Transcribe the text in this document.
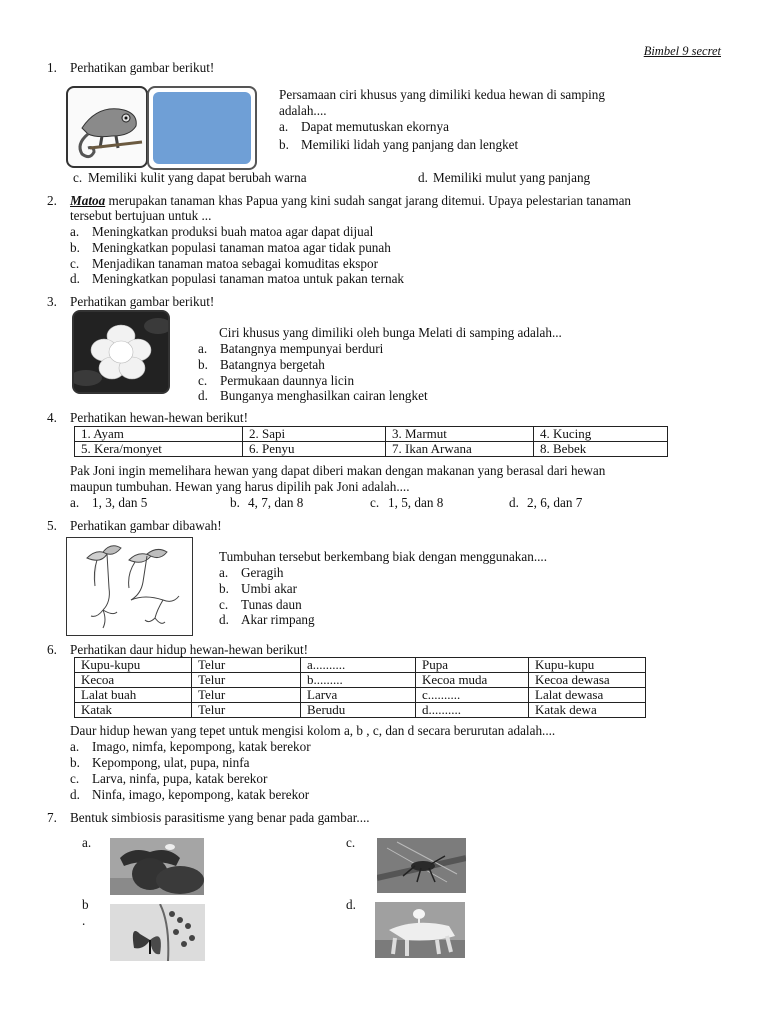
Bimbel 9 secret
1. Perhatikan gambar berikut!
Persamaan ciri khusus yang dimiliki kedua hewan di samping
adalah....
a. Dapat memutuskan ekornya
b. Memiliki lidah yang panjang dan lengket
c. Memiliki kulit yang dapat berubah warna	d. Memiliki mulut yang panjang
2. Matoa merupakan tanaman khas Papua yang kini sudah sangat jarang ditemui. Upaya pelestarian tanaman
tersebut bertujuan untuk ...
a. Meningkatkan produksi buah matoa agar dapat dijual
b. Meningkatkan populasi tanaman matoa agar tidak punah
c. Menjadikan tanaman matoa sebagai komuditas ekspor
d. Meningkatkan populasi tanaman matoa untuk pakan ternak
3. Perhatikan gambar berikut!
Ciri khusus yang dimiliki oleh bunga Melati di samping adalah...
a. Batangnya mempunyai berduri
b. Batangnya bergetah
c. Permukaan daunnya licin
d. Bunganya menghasilkan cairan lengket
4. Perhatikan hewan-hewan berikut!
1. Ayam	2. Sapi	3. Marmut	4. Kucing
5. Kera/monyet	6. Penyu	7. Ikan Arwana	8. Bebek
Pak Joni ingin memelihara hewan yang dapat diberi makan dengan makanan yang berasal dari hewan
maupun tumbuhan. Hewan yang harus dipilih pak Joni adalah....
a. 1, 3, dan 5	b. 4, 7, dan 8	c. 1, 5, dan 8	d. 2, 6, dan 7
5. Perhatikan gambar dibawah!
Tumbuhan tersebut berkembang biak dengan menggunakan....
a. Geragih
b. Umbi akar
c. Tunas daun
d. Akar rimpang
6. Perhatikan daur hidup hewan-hewan berikut!
Kupu-kupu	Telur	a..........	Pupa	Kupu-kupu
Kecoa	Telur	b.........	Kecoa muda	Kecoa dewasa
Lalat buah	Telur	Larva	c..........	Lalat dewasa
Katak	Telur	Berudu	d..........	Katak dewa
Daur hidup hewan yang tepet untuk mengisi kolom a, b , c, dan d secara berurutan adalah....
a. Imago, nimfa, kepompong, katak berekor
b. Kepompong, ulat, pupa, ninfa
c. Larva, ninfa, pupa, katak berekor
d. Ninfa, imago, kepompong, katak berekor
7. Bentuk simbiosis parasitisme yang benar pada gambar....
a.
b
.
c.
d.
